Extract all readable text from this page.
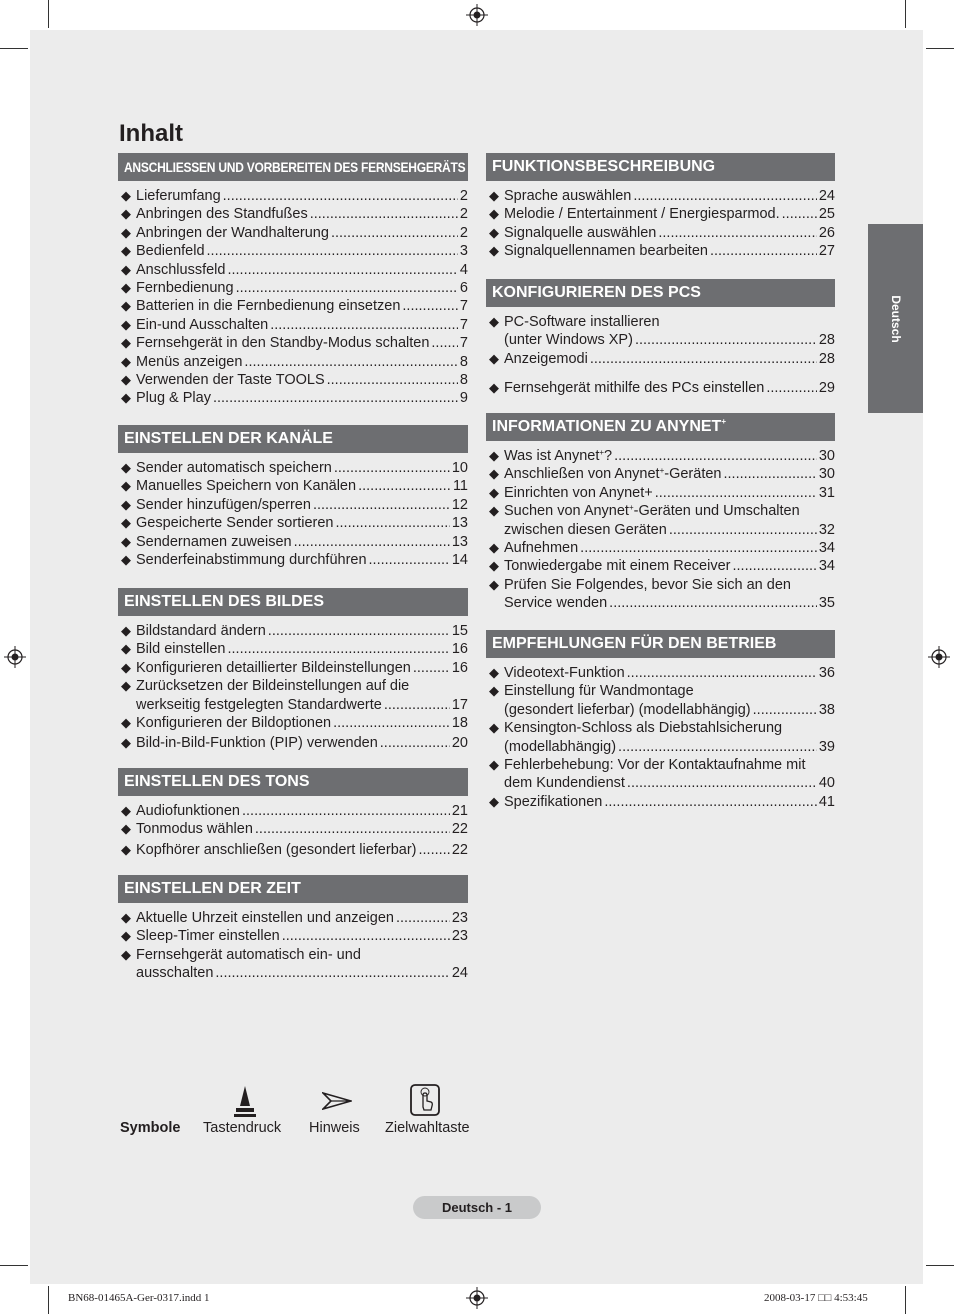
Inhalt
Deutsch
ANSCHLIESSEN UND VORBEREITEN DES FERNSEHGERÄTS
◆ Lieferumfang .....	2
◆ Anbringen des Standfußes .....	2
◆ Anbringen der Wandhalterung .....	2
◆ Bedienfeld .....	3
◆ Anschlussfeld .....	4
◆ Fernbedienung .....	6
◆ Batterien in die Fernbedienung einsetzen .....	7
◆ Ein-und Ausschalten .....	7
◆ Fernsehgerät in den Standby-Modus schalten ..... 7
◆ Menüs anzeigen .....	8
◆ Verwenden der Taste TOOLS .....	8
◆ Plug & Play .....	9
EINSTELLEN DER KANÄLE
◆ Sender automatisch speichern .....	10
◆ Manuelles Speichern von Kanälen .....	11
◆ Sender hinzufügen/sperren .....	12
◆ Gespeicherte Sender sortieren .....	13
◆ Sendernamen zuweisen .....	13
◆ Senderfeinabstimmung durchführen .....	14
EINSTELLEN DES BILDES
◆ Bildstandard ändern .....	15
◆ Bild einstellen .....	16
◆ Konfigurieren detaillierter Bildeinstellungen .....	16
◆ Zurücksetzen der Bildeinstellungen auf die
werkseitig festgelegten Standardwerte .....	17
◆ Konfigurieren der Bildoptionen .....	18
◆ Bild-in-Bild-Funktion (PIP) verwenden .....	20
EINSTELLEN DES TONS
◆ Audiofunktionen .....	21
◆ Tonmodus wählen .....	22
◆ Kopfhörer anschließen (gesondert lieferbar) ..... 22
EINSTELLEN DER ZEIT
◆ Aktuelle Uhrzeit einstellen und anzeigen .....	23
◆ Sleep-Timer einstellen .....	23
◆ Fernsehgerät automatisch ein- und
ausschalten .....	24
FUNKTIONSBESCHREIBUNG
◆ Sprache auswählen .....	24
◆ Melodie / Entertainment / Energiesparmod. .....	25
◆ Signalquelle auswählen .....	26
◆ Signalquellennamen bearbeiten .....	27
KONFIGURIEREN DES PCS
◆ PC-Software installieren
(unter Windows XP) .....	28
◆ Anzeigemodi .....	28
◆ Fernsehgerät mithilfe des PCs einstellen .....	29
INFORMATIONEN ZU ANYNET+
◆ Was ist Anynet+? .....	30
◆ Anschließen von Anynet+-Geräten .....	30
◆ Einrichten von Anynet+ .....	31
◆ Suchen von Anynet+-Geräten und Umschalten
zwischen diesen Geräten .....	32
◆ Aufnehmen .....	34
◆ Tonwiedergabe mit einem Receiver .....	34
◆ Prüfen Sie Folgendes, bevor Sie sich an den
Service wenden .....	35
EMPFEHLUNGEN FÜR DEN BETRIEB
◆ Videotext-Funktion .....	36
◆ Einstellung für Wandmontage
(gesondert lieferbar) (modellabhängig) .....	38
◆ Kensington-Schloss als Diebstahlsicherung
(modellabhängig) .....	39
◆ Fehlerbehebung: Vor der Kontaktaufnahme mit
dem Kundendienst .....	40
◆ Spezifikationen .....	41
Symbole Tastendruck Hinweis Zielwahltaste
Deutsch - 1
BN68-01465A-Ger-0317.indd 1	2008-03-17 □□ 4:53:45
